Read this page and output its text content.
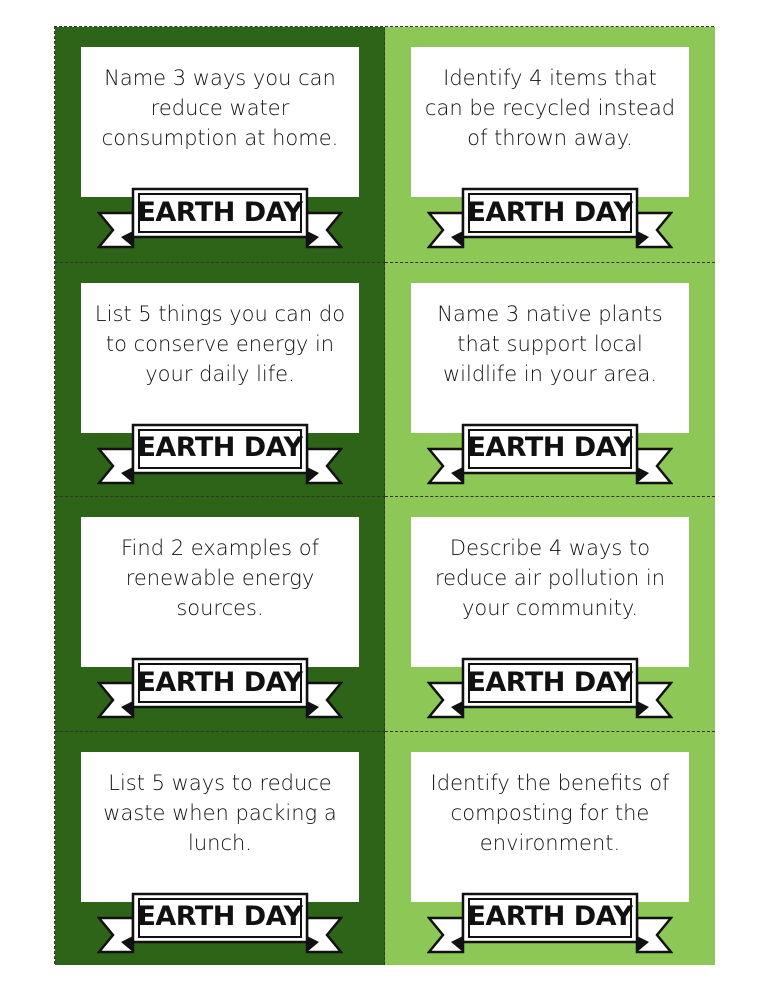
Name 3 ways you can reduce water consumption at home.
EARTH DAY
Identify 4 items that can be recycled instead of thrown away.
EARTH DAY
List 5 things you can do to conserve energy in your daily life.
EARTH DAY
Name 3 native plants that support local wildlife in your area.
EARTH DAY
Find 2 examples of renewable energy sources.
EARTH DAY
Describe 4 ways to reduce air pollution in your community.
EARTH DAY
List 5 ways to reduce waste when packing a lunch.
EARTH DAY
Identify the benefits of composting for the environment.
EARTH DAY
